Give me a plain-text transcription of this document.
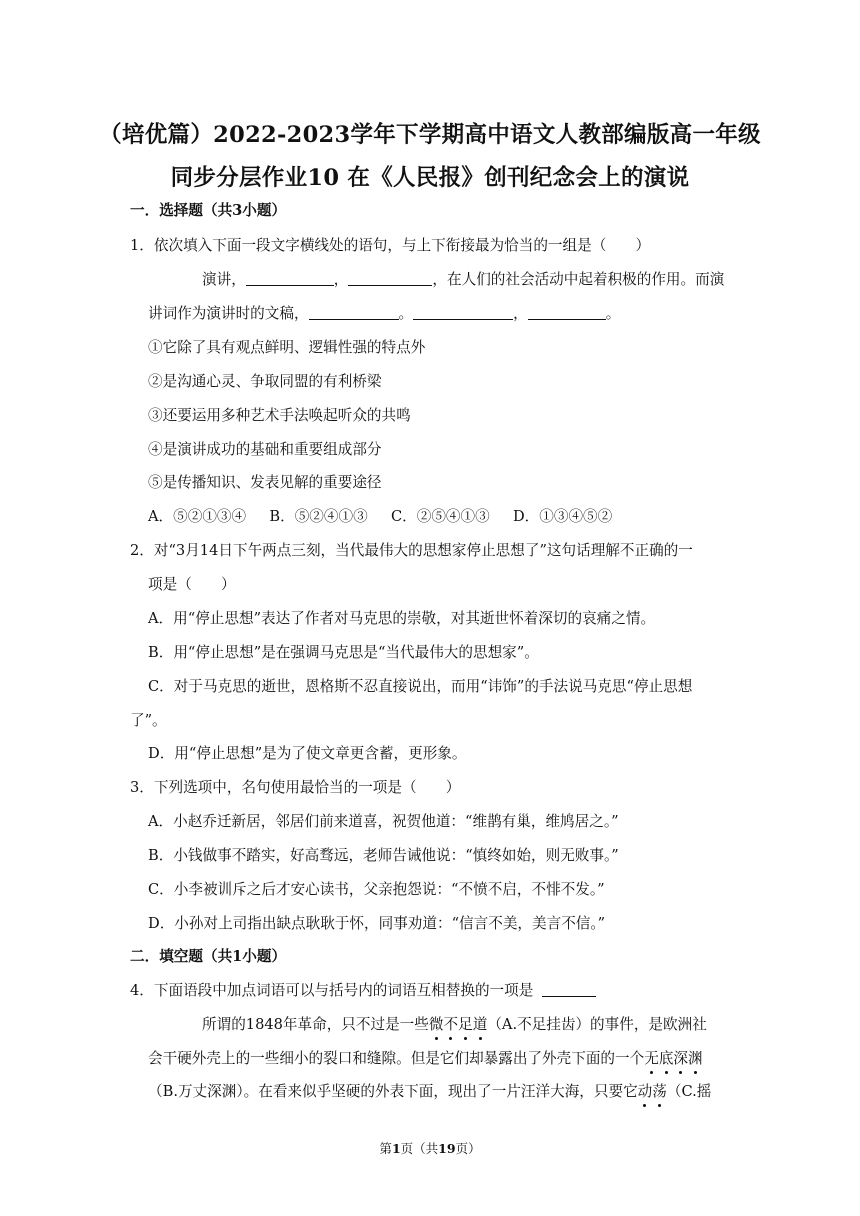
（培优篇）2022-2023学年下学期高中语文人教部编版高一年级
同步分层作业10 在《人民报》创刊纪念会上的演说
一．选择题（共3小题）
1．依次填入下面一段文字横线处的语句，与上下衔接最为恰当的一组是（　　）
演讲，	，	，在人们的社会活动中起着积极的作用。而演
讲词作为演讲时的文稿，	。	，	。
①它除了具有观点鲜明、逻辑性强的特点外
②是沟通心灵、争取同盟的有利桥梁
③还要运用多种艺术手法唤起听众的共鸣
④是演讲成功的基础和重要组成部分
⑤是传播知识、发表见解的重要途径
A．⑤②①③④ B．⑤②④①③ C．②⑤④①③ D．①③④⑤②
2．对“3月14日下午两点三刻，当代最伟大的思想家停止思想了”这句话理解不正确的一
项是（　　）
A．用“停止思想”表达了作者对马克思的崇敬，对其逝世怀着深切的哀痛之情。
B．用“停止思想”是在强调马克思是“当代最伟大的思想家”。
C．对于马克思的逝世，恩格斯不忍直接说出，而用“讳饰”的手法说马克思“停止思想
了”。
D．用“停止思想”是为了使文章更含蓄，更形象。
3．下列选项中，名句使用最恰当的一项是（　　）
A．小赵乔迁新居，邻居们前来道喜，祝贺他道：“维鹊有巢，维鸠居之。”
B．小钱做事不踏实，好高骛远，老师告诫他说：“慎终如始，则无败事。”
C．小李被训斥之后才安心读书，父亲抱怨说：“不愤不启，不悱不发。”
D．小孙对上司指出缺点耿耿于怀，同事劝道：“信言不美，美言不信。”
二．填空题（共1小题）
4．下面语段中加点词语可以与括号内的词语互相替换的一项是
所谓的1848年革命，只不过是一些微不足道（A.不足挂齿）的事件，是欧洲社
会干硬外壳上的一些细小的裂口和缝隙。但是它们却暴露出了外壳下面的一个无底深渊
（B.万丈深渊）。在看来似乎坚硬的外表下面，现出了一片汪洋大海，只要它动荡（C.摇
第1页（共19页）
